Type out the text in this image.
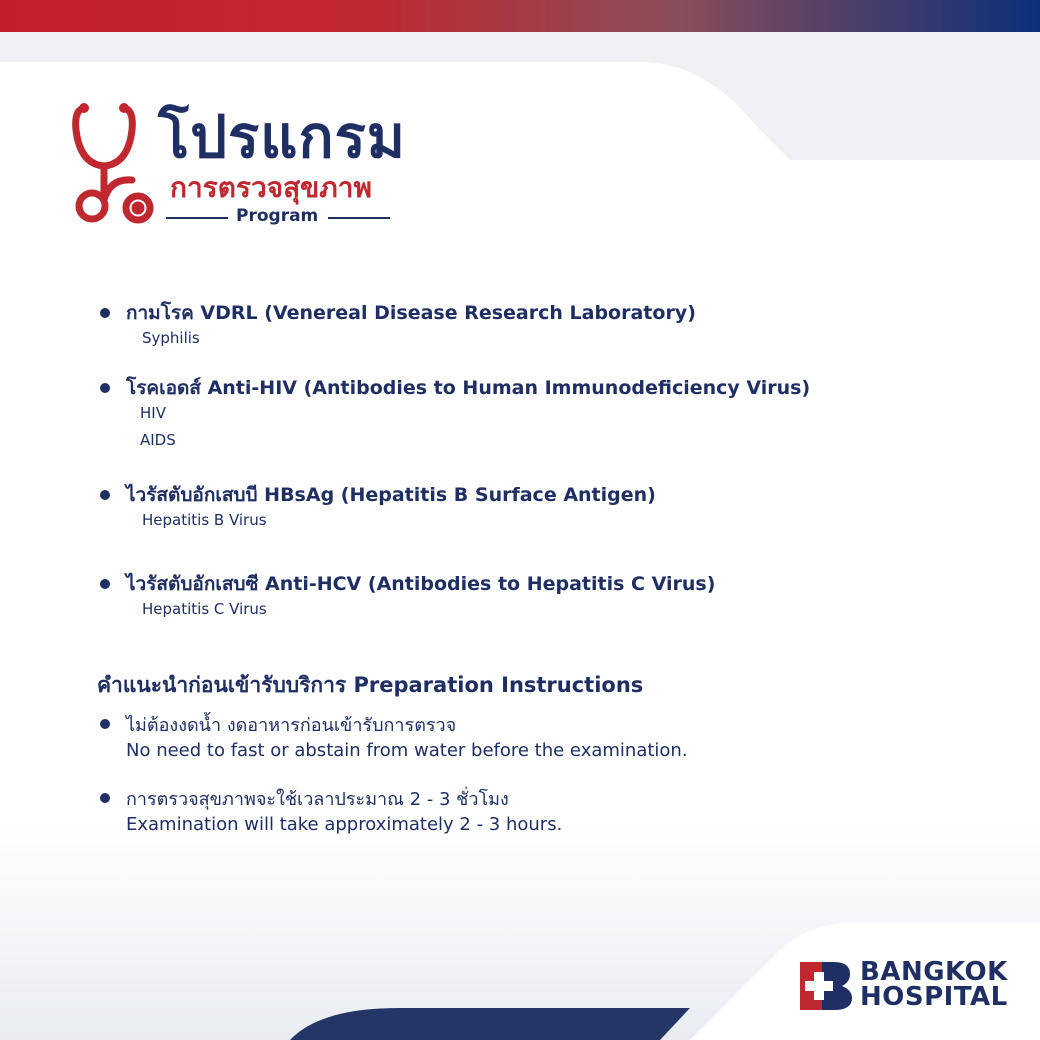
โปรแกรม
การตรวจสุขภาพ
Program
กามโรค VDRL (Venereal Disease Research Laboratory)
Syphilis
โรคเอดส์ Anti-HIV (Antibodies to Human Immunodeficiency Virus)
HIV
AIDS
ไวรัสตับอักเสบบี HBsAg (Hepatitis B Surface Antigen)
Hepatitis B Virus
ไวรัสตับอักเสบซี Anti-HCV (Antibodies to Hepatitis C Virus)
Hepatitis C Virus
คำแนะนำก่อนเข้ารับบริการ Preparation Instructions
ไม่ต้องงดน้ำ งดอาหารก่อนเข้ารับการตรวจ
No need to fast or abstain from water before the examination.
การตรวจสุขภาพจะใช้เวลาประมาณ 2 - 3 ชั่วโมง
Examination will take approximately 2 - 3 hours.
BANGKOK
HOSPITAL
